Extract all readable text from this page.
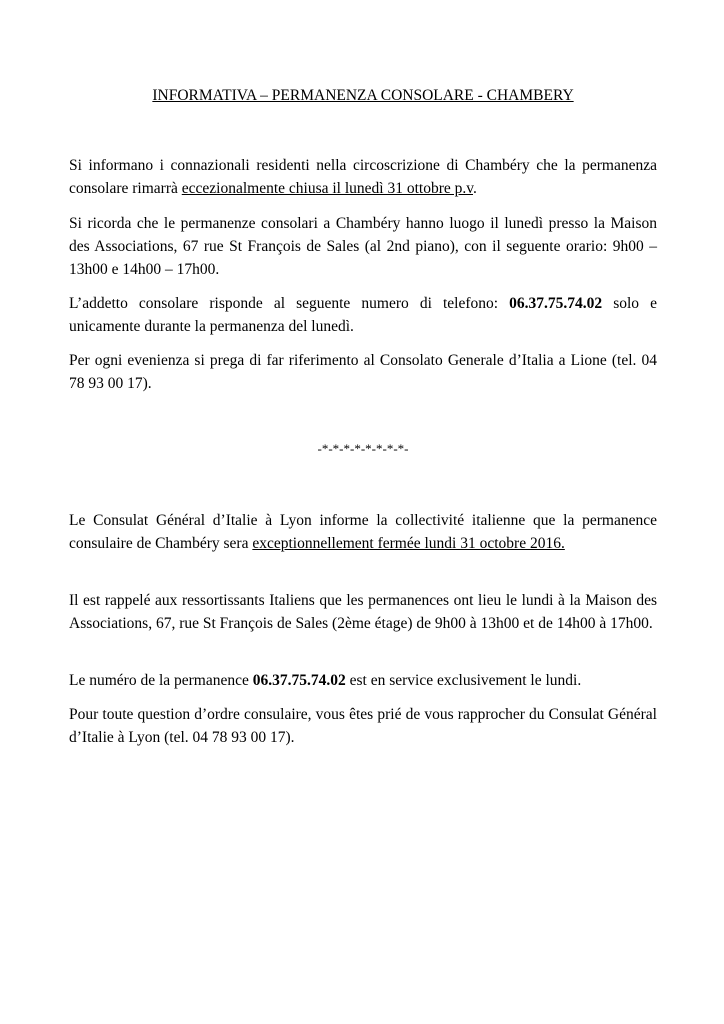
INFORMATIVA – PERMANENZA CONSOLARE - CHAMBERY

Si informano i connazionali residenti nella circoscrizione di Chambéry che la permanenza consolare rimarrà eccezionalmente chiusa il lunedì 31 ottobre p.v.

Si ricorda che le permanenze consolari a Chambéry hanno luogo il lunedì presso la Maison des Associations, 67 rue St François de Sales (al 2nd piano), con il seguente orario: 9h00 – 13h00 e 14h00 – 17h00.

L’addetto consolare risponde al seguente numero di telefono: 06.37.75.74.02 solo e unicamente durante la permanenza del lunedì.

Per ogni evenienza si prega di far riferimento al Consolato Generale d’Italia a Lione (tel. 04 78 93 00 17).

-*-*-*-*-*-*-*-*-

Le Consulat Général d’Italie à Lyon informe la collectivité italienne que la permanence consulaire de Chambéry sera exceptionnellement fermée lundi 31 octobre 2016.

Il est rappelé aux ressortissants Italiens que les permanences ont lieu le lundi à la Maison des Associations, 67, rue St François de Sales (2ème étage) de 9h00 à 13h00 et de 14h00 à 17h00.

Le numéro de la permanence 06.37.75.74.02 est en service exclusivement le lundi.

Pour toute question d’ordre consulaire, vous êtes prié de vous rapprocher du Consulat Général d’Italie à Lyon (tel. 04 78 93 00 17).
